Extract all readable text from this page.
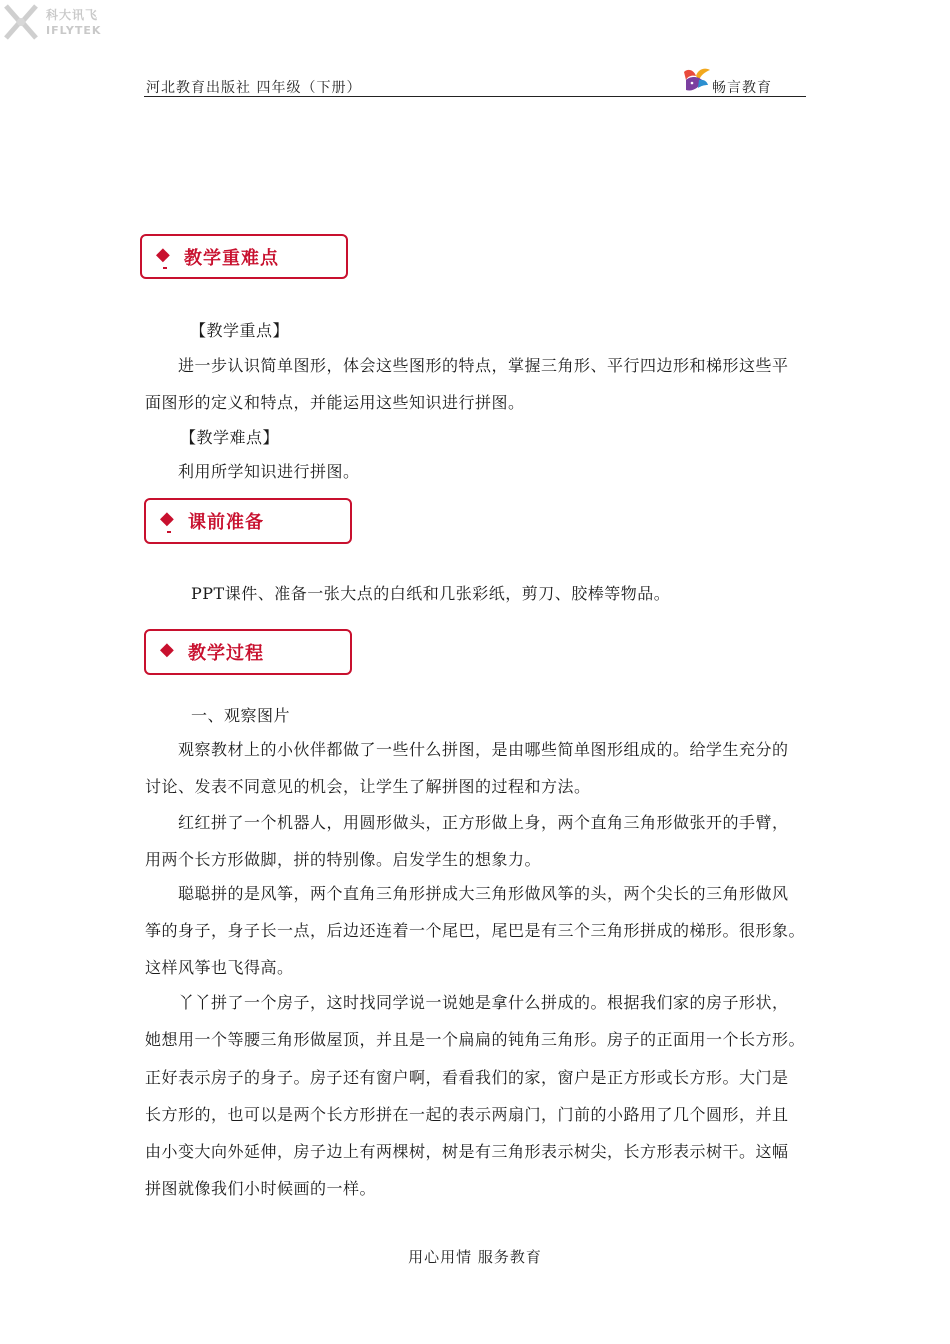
科大讯飞
IFLYTEK
河北教育出版社 四年级（下册）	畅言教育
◆ 教学重难点
【教学重点】
进一步认识简单图形，体会这些图形的特点，掌握三角形、平行四边形和梯形这些平
面图形的定义和特点，并能运用这些知识进行拼图。
【教学难点】
利用所学知识进行拼图。
◆ 课前准备
PPT课件、准备一张大点的白纸和几张彩纸，剪刀、胶棒等物品。
◆ 教学过程
一、观察图片
观察教材上的小伙伴都做了一些什么拼图，是由哪些简单图形组成的。给学生充分的
讨论、发表不同意见的机会，让学生了解拼图的过程和方法。
红红拼了一个机器人，用圆形做头，正方形做上身，两个直角三角形做张开的手臂，
用两个长方形做脚，拼的特别像。启发学生的想象力。
聪聪拼的是风筝，两个直角三角形拼成大三角形做风筝的头，两个尖长的三角形做风
筝的身子，身子长一点，后边还连着一个尾巴，尾巴是有三个三角形拼成的梯形。很形象。
这样风筝也飞得高。
丫丫拼了一个房子，这时找同学说一说她是拿什么拼成的。根据我们家的房子形状，
她想用一个等腰三角形做屋顶，并且是一个扁扁的钝角三角形。房子的正面用一个长方形。
正好表示房子的身子。房子还有窗户啊，看看我们的家，窗户是正方形或长方形。大门是
长方形的，也可以是两个长方形拼在一起的表示两扇门，门前的小路用了几个圆形，并且
由小变大向外延伸，房子边上有两棵树，树是有三角形表示树尖，长方形表示树干。这幅
拼图就像我们小时候画的一样。
用心用情 服务教育
